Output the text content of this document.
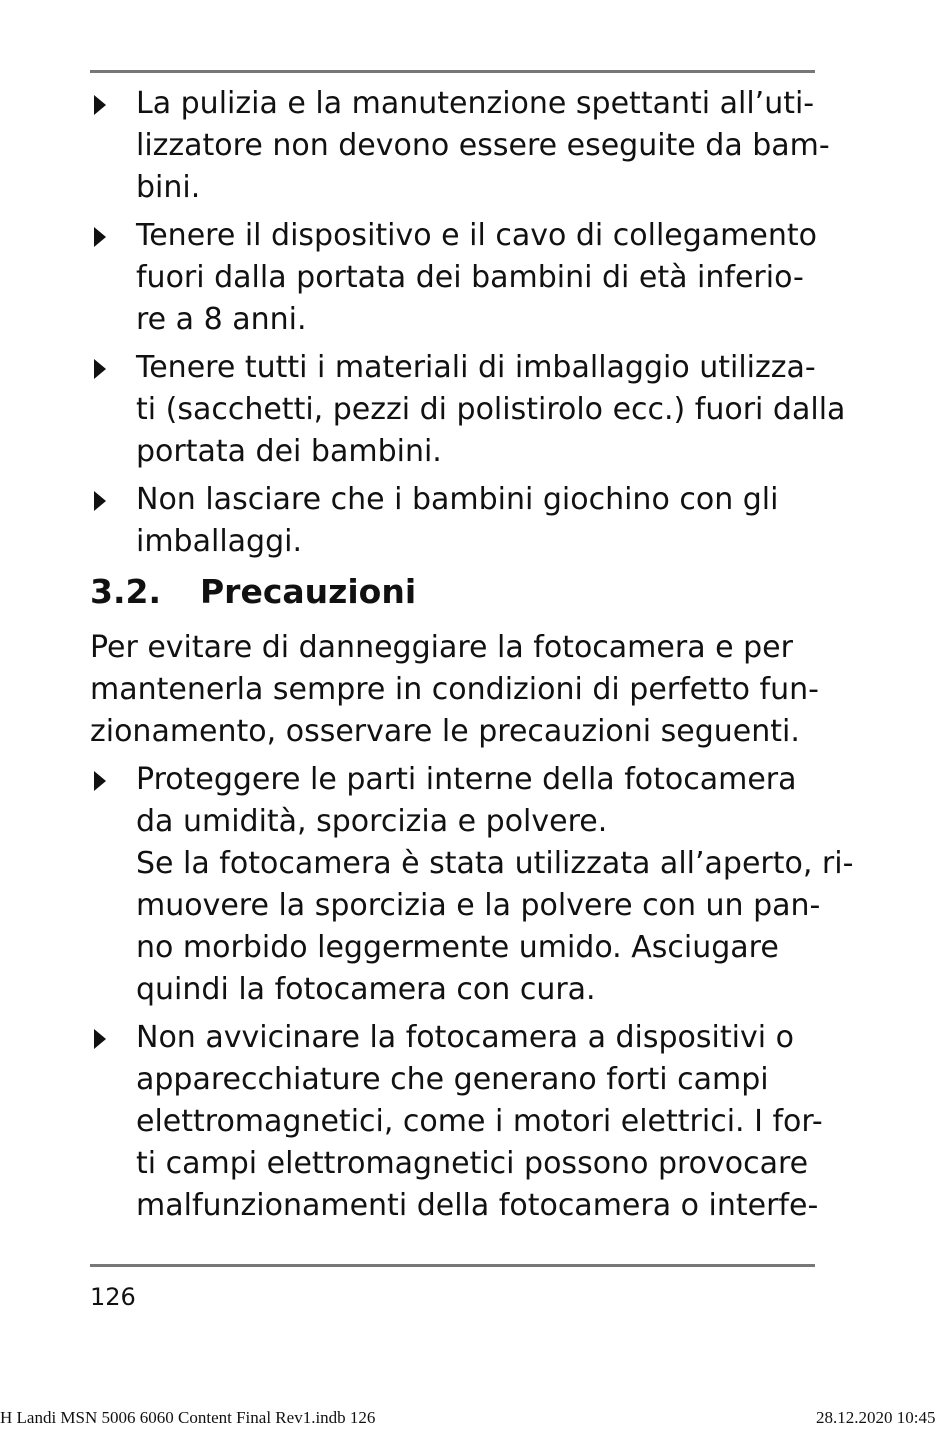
La pulizia e la manutenzione spettanti all’uti-
lizzatore non devono essere eseguite da bam-
bini.
Tenere il dispositivo e il cavo di collegamento
fuori dalla portata dei bambini di età inferio-
re a 8 anni.
Tenere tutti i materiali di imballaggio utilizza-
ti (sacchetti, pezzi di polistirolo ecc.) fuori dalla
portata dei bambini.
Non lasciare che i bambini giochino con gli
imballaggi.
3.2. Precauzioni
Per evitare di danneggiare la fotocamera e per
mantenerla sempre in condizioni di perfetto fun-
zionamento, osservare le precauzioni seguenti.
Proteggere le parti interne della fotocamera
da umidità, sporcizia e polvere.
Se la fotocamera è stata utilizzata all’aperto, ri-
muovere la sporcizia e la polvere con un pan-
no morbido leggermente umido. Asciugare
quindi la fotocamera con cura.
Non avvicinare la fotocamera a dispositivi o
apparecchiature che generano forti campi
elettromagnetici, come i motori elettrici. I for-
ti campi elettromagnetici possono provocare
malfunzionamenti della fotocamera o interfe-
126
H Landi MSN 5006 6060 Content Final Rev1.indb 126	28.12.2020 10:45
